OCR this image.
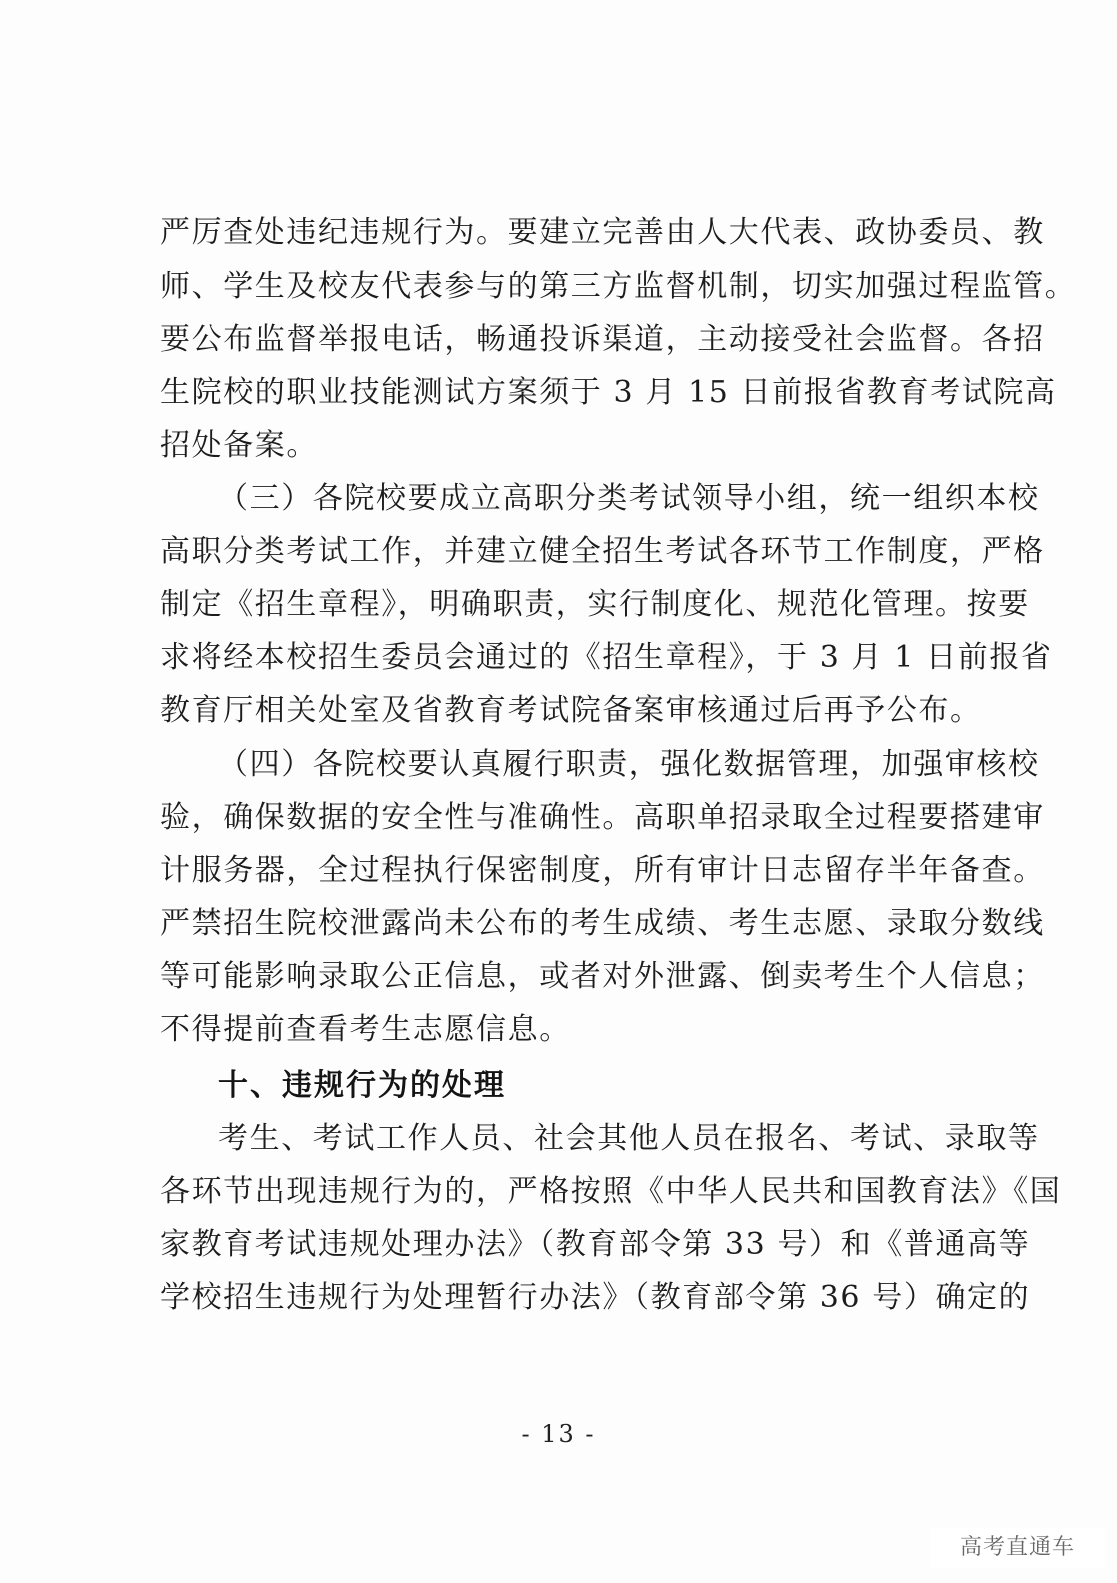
严厉查处违纪违规行为。要建立完善由人大代表、政协委员、教
师、学生及校友代表参与的第三方监督机制，切实加强过程监管。
要公布监督举报电话，畅通投诉渠道，主动接受社会监督。各招
生院校的职业技能测试方案须于 3 月 15 日前报省教育考试院高
招处备案。
（三）各院校要成立高职分类考试领导小组，统一组织本校
高职分类考试工作，并建立健全招生考试各环节工作制度，严格
制定《招生章程》，明确职责，实行制度化、规范化管理。按要
求将经本校招生委员会通过的《招生章程》，于 3 月 1 日前报省
教育厅相关处室及省教育考试院备案审核通过后再予公布。
（四）各院校要认真履行职责，强化数据管理，加强审核校
验，确保数据的安全性与准确性。高职单招录取全过程要搭建审
计服务器，全过程执行保密制度，所有审计日志留存半年备查。
严禁招生院校泄露尚未公布的考生成绩、考生志愿、录取分数线
等可能影响录取公正信息，或者对外泄露、倒卖考生个人信息；
不得提前查看考生志愿信息。
十、违规行为的处理
考生、考试工作人员、社会其他人员在报名、考试、录取等
各环节出现违规行为的，严格按照《中华人民共和国教育法》《国
家教育考试违规处理办法》（教育部令第 33 号）和《普通高等
学校招生违规行为处理暂行办法》（教育部令第 36 号）确定的
- 13 -
高考直通车
